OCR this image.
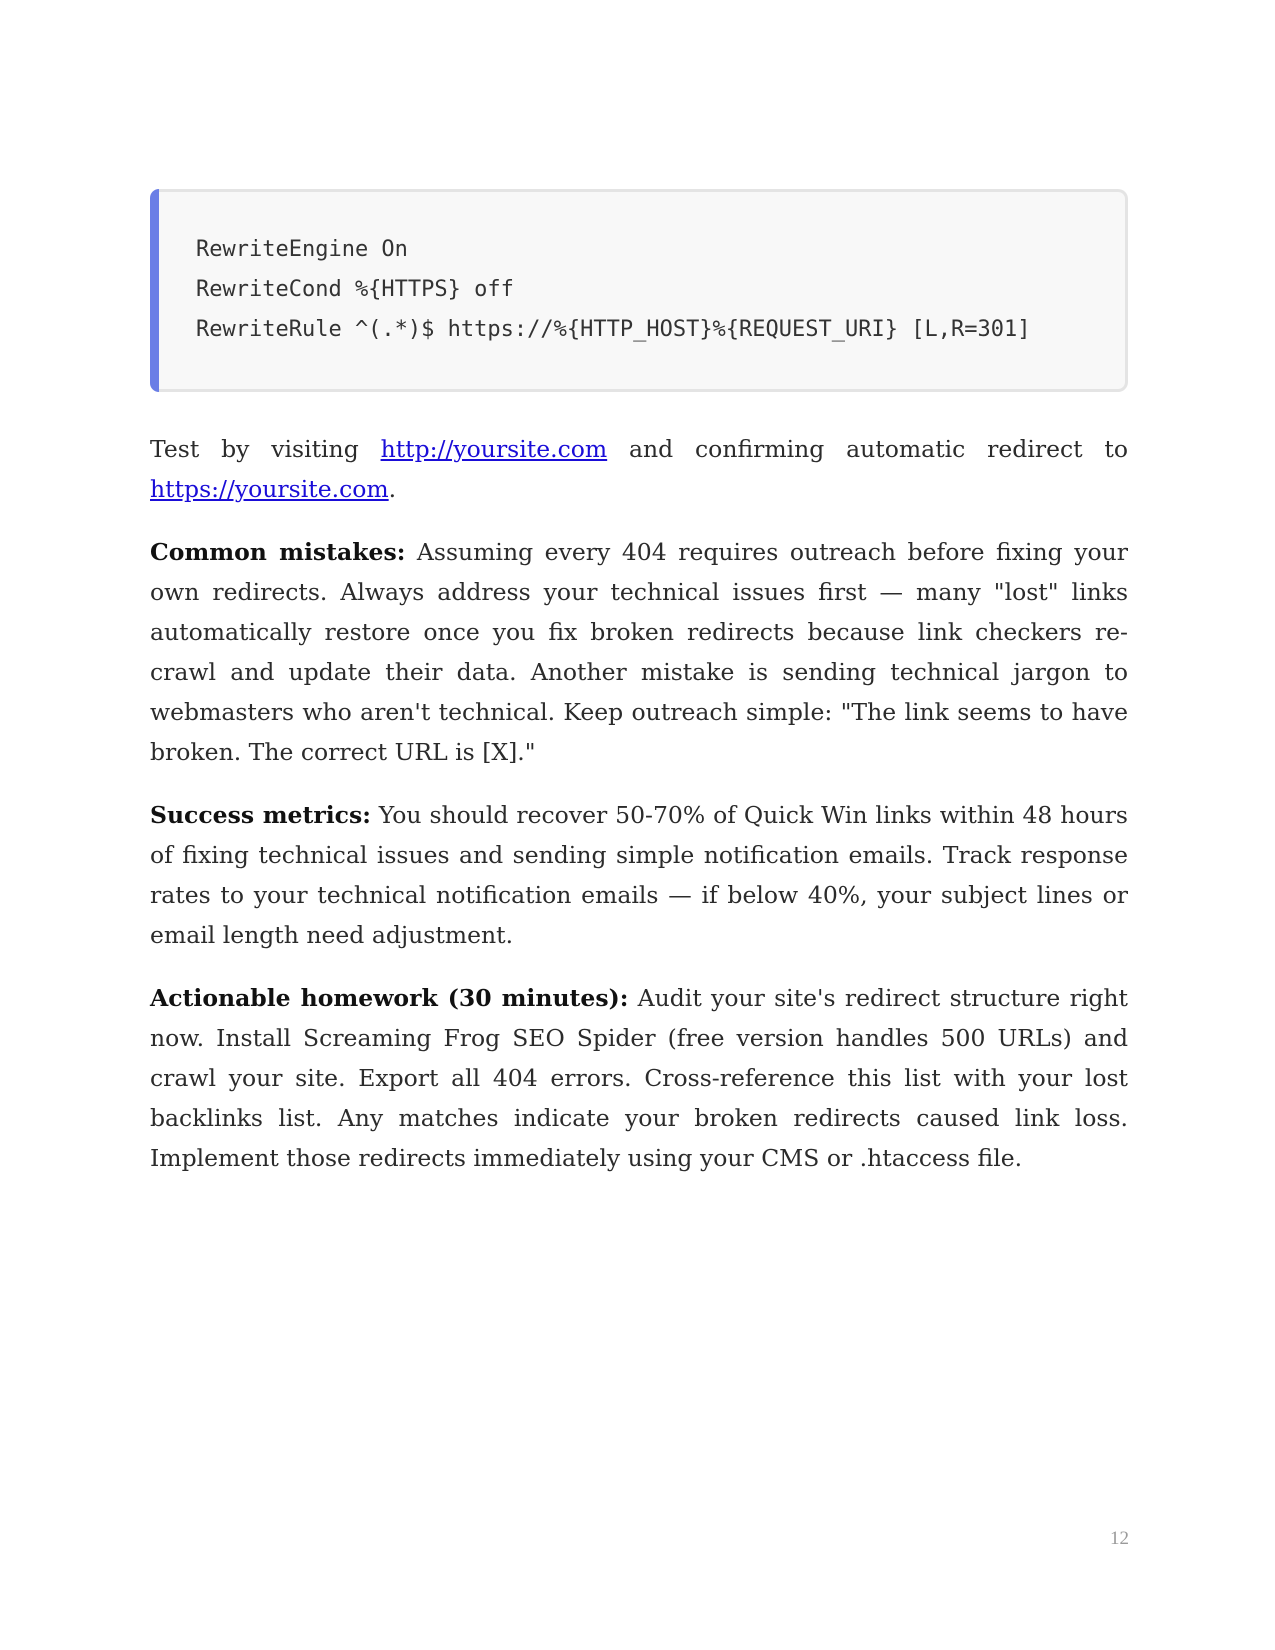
RewriteEngine On
RewriteCond %{HTTPS} off
RewriteRule ^(.*)$ https://%{HTTP_HOST}%{REQUEST_URI} [L,R=301]

Test by visiting http://yoursite.com and confirming automatic redirect to https://yoursite.com.

Common mistakes: Assuming every 404 requires outreach before fixing your own redirects. Always address your technical issues first — many "lost" links automatically restore once you fix broken redirects because link checkers re-crawl and update their data. Another mistake is sending technical jargon to webmasters who aren't technical. Keep outreach simple: "The link seems to have broken. The correct URL is [X]."

Success metrics: You should recover 50-70% of Quick Win links within 48 hours of fixing technical issues and sending simple notification emails. Track response rates to your technical notification emails — if below 40%, your subject lines or email length need adjustment.

Actionable homework (30 minutes): Audit your site's redirect structure right now. Install Screaming Frog SEO Spider (free version handles 500 URLs) and crawl your site. Export all 404 errors. Cross-reference this list with your lost backlinks list. Any matches indicate your broken redirects caused link loss. Implement those redirects immediately using your CMS or .htaccess file.

12
